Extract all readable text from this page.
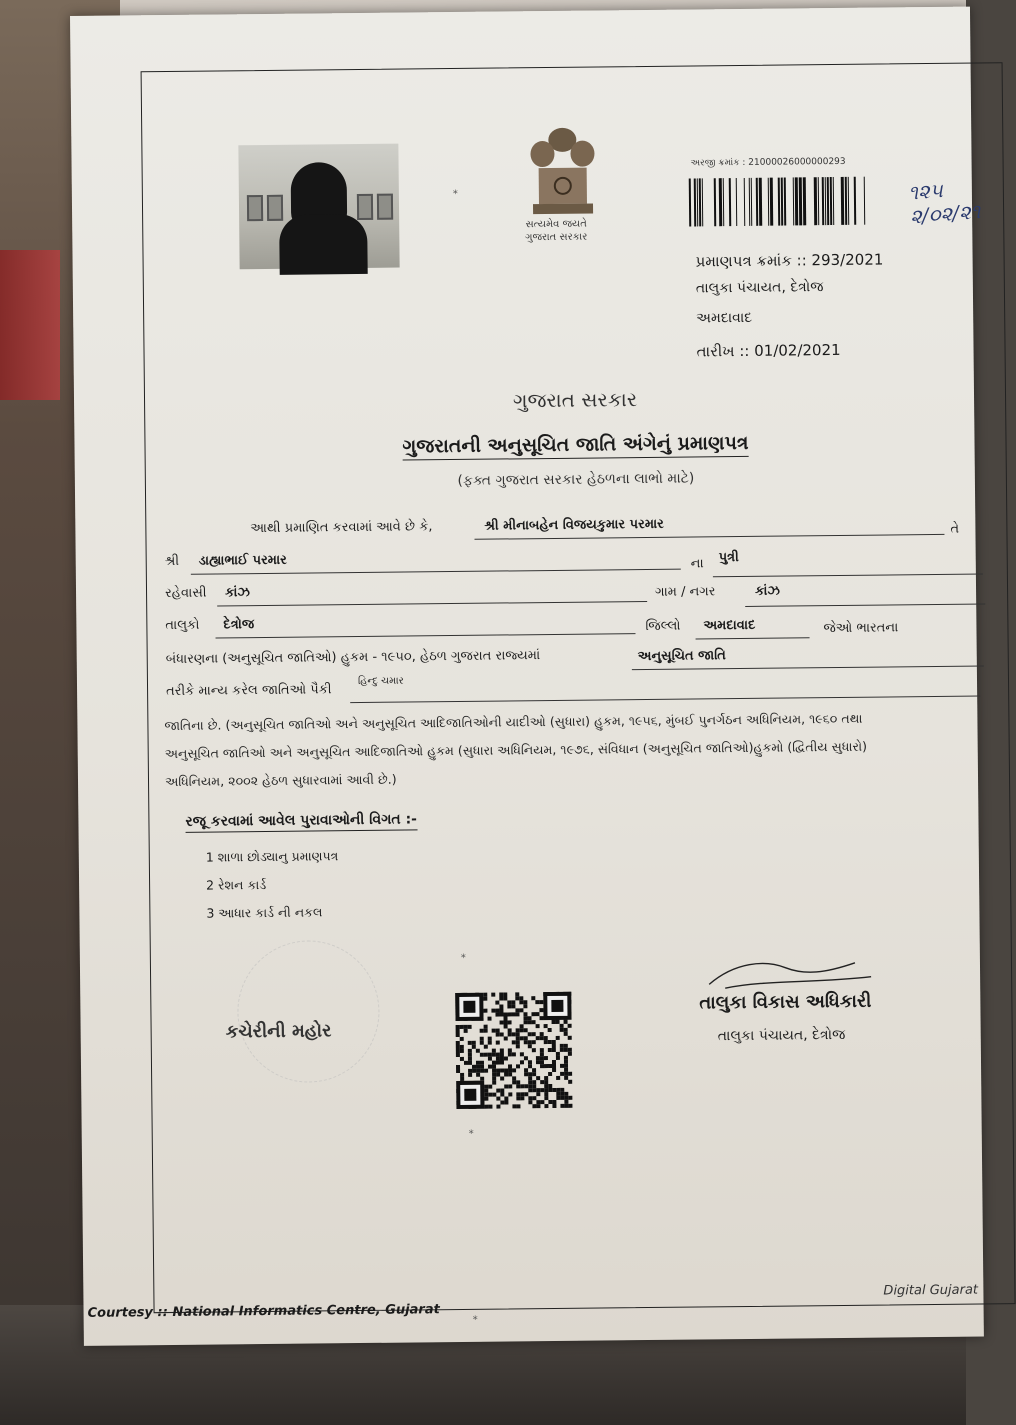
સત્યમેવ જયતે
ગુજરાત સરકાર
અરજી ક્રમાંક : 21000026000000293
૧૨૫
૨/૦૨/૨૧
પ્રમાણપત્ર ક્રમાંક :: 293/2021
તાલુકા પંચાયત, દેત્રોજ
અમદાવાદ
તારીખ :: 01/02/2021
ગુજરાત સરકાર
ગુજરાતની અનુસૂચિત જાતિ અંગેનું પ્રમાણપત્ર
(ફક્ત ગુજરાત સરકાર હેઠળના લાભો માટે)
આથી પ્રમાણિત કરવામાં આવે છે કે,	શ્રી મીનાબહેન વિજયકુમાર પરમાર	તે
શ્રી ડાહ્યાભાઈ પરમાર	ના પુત્રી
રહેવાસી કાંઝ	ગામ / નગર	કાંઝ
તાલુકો દેત્રોજ	જિલ્લો અમદાવાદ	જેઓ ભારતના
બંધારણના (અનુસૂચિત જાતિઓ) હુકમ - ૧૯૫૦, હેઠળ ગુજરાત રાજ્યમાં	અનુસૂચિત જાતિ
તરીકે માન્ય કરેલ જાતિઓ પૈકી
હિન્દુ ચમાર
જાતિના છે. (અનુસૂચિત જાતિઓ અને અનુસૂચિત આદિજાતિઓની યાદીઓ (સુધારા) હુકમ, ૧૯૫૬, મુંબઈ પુનર્ગઠન અધિનિયમ, ૧૯૬૦ તથા
અનુસૂચિત જાતિઓ અને અનુસૂચિત આદિજાતિઓ હુકમ (સુધારા અધિનિયમ, ૧૯૭૬, સંવિધાન (અનુસૂચિત જાતિઓ)હુકમો (દ્વિતીય સુધારો)
અધિનિયમ, ૨૦૦૨ હેઠળ સુધારવામાં આવી છે.)
રજૂ કરવામાં આવેલ પુરાવાઓની વિગત :-
1 શાળા છોડ્યાનુ પ્રમાણપત્ર
2 રેશન કાર્ડ
3 આધાર કાર્ડ ની નકલ
કચેરીની મહોર
તાલુકા વિકાસ અધિકારી
તાલુકા પંચાયત, દેત્રોજ
*
*
*
*
Courtesy :: National Informatics Centre, Gujarat
Digital Gujarat
